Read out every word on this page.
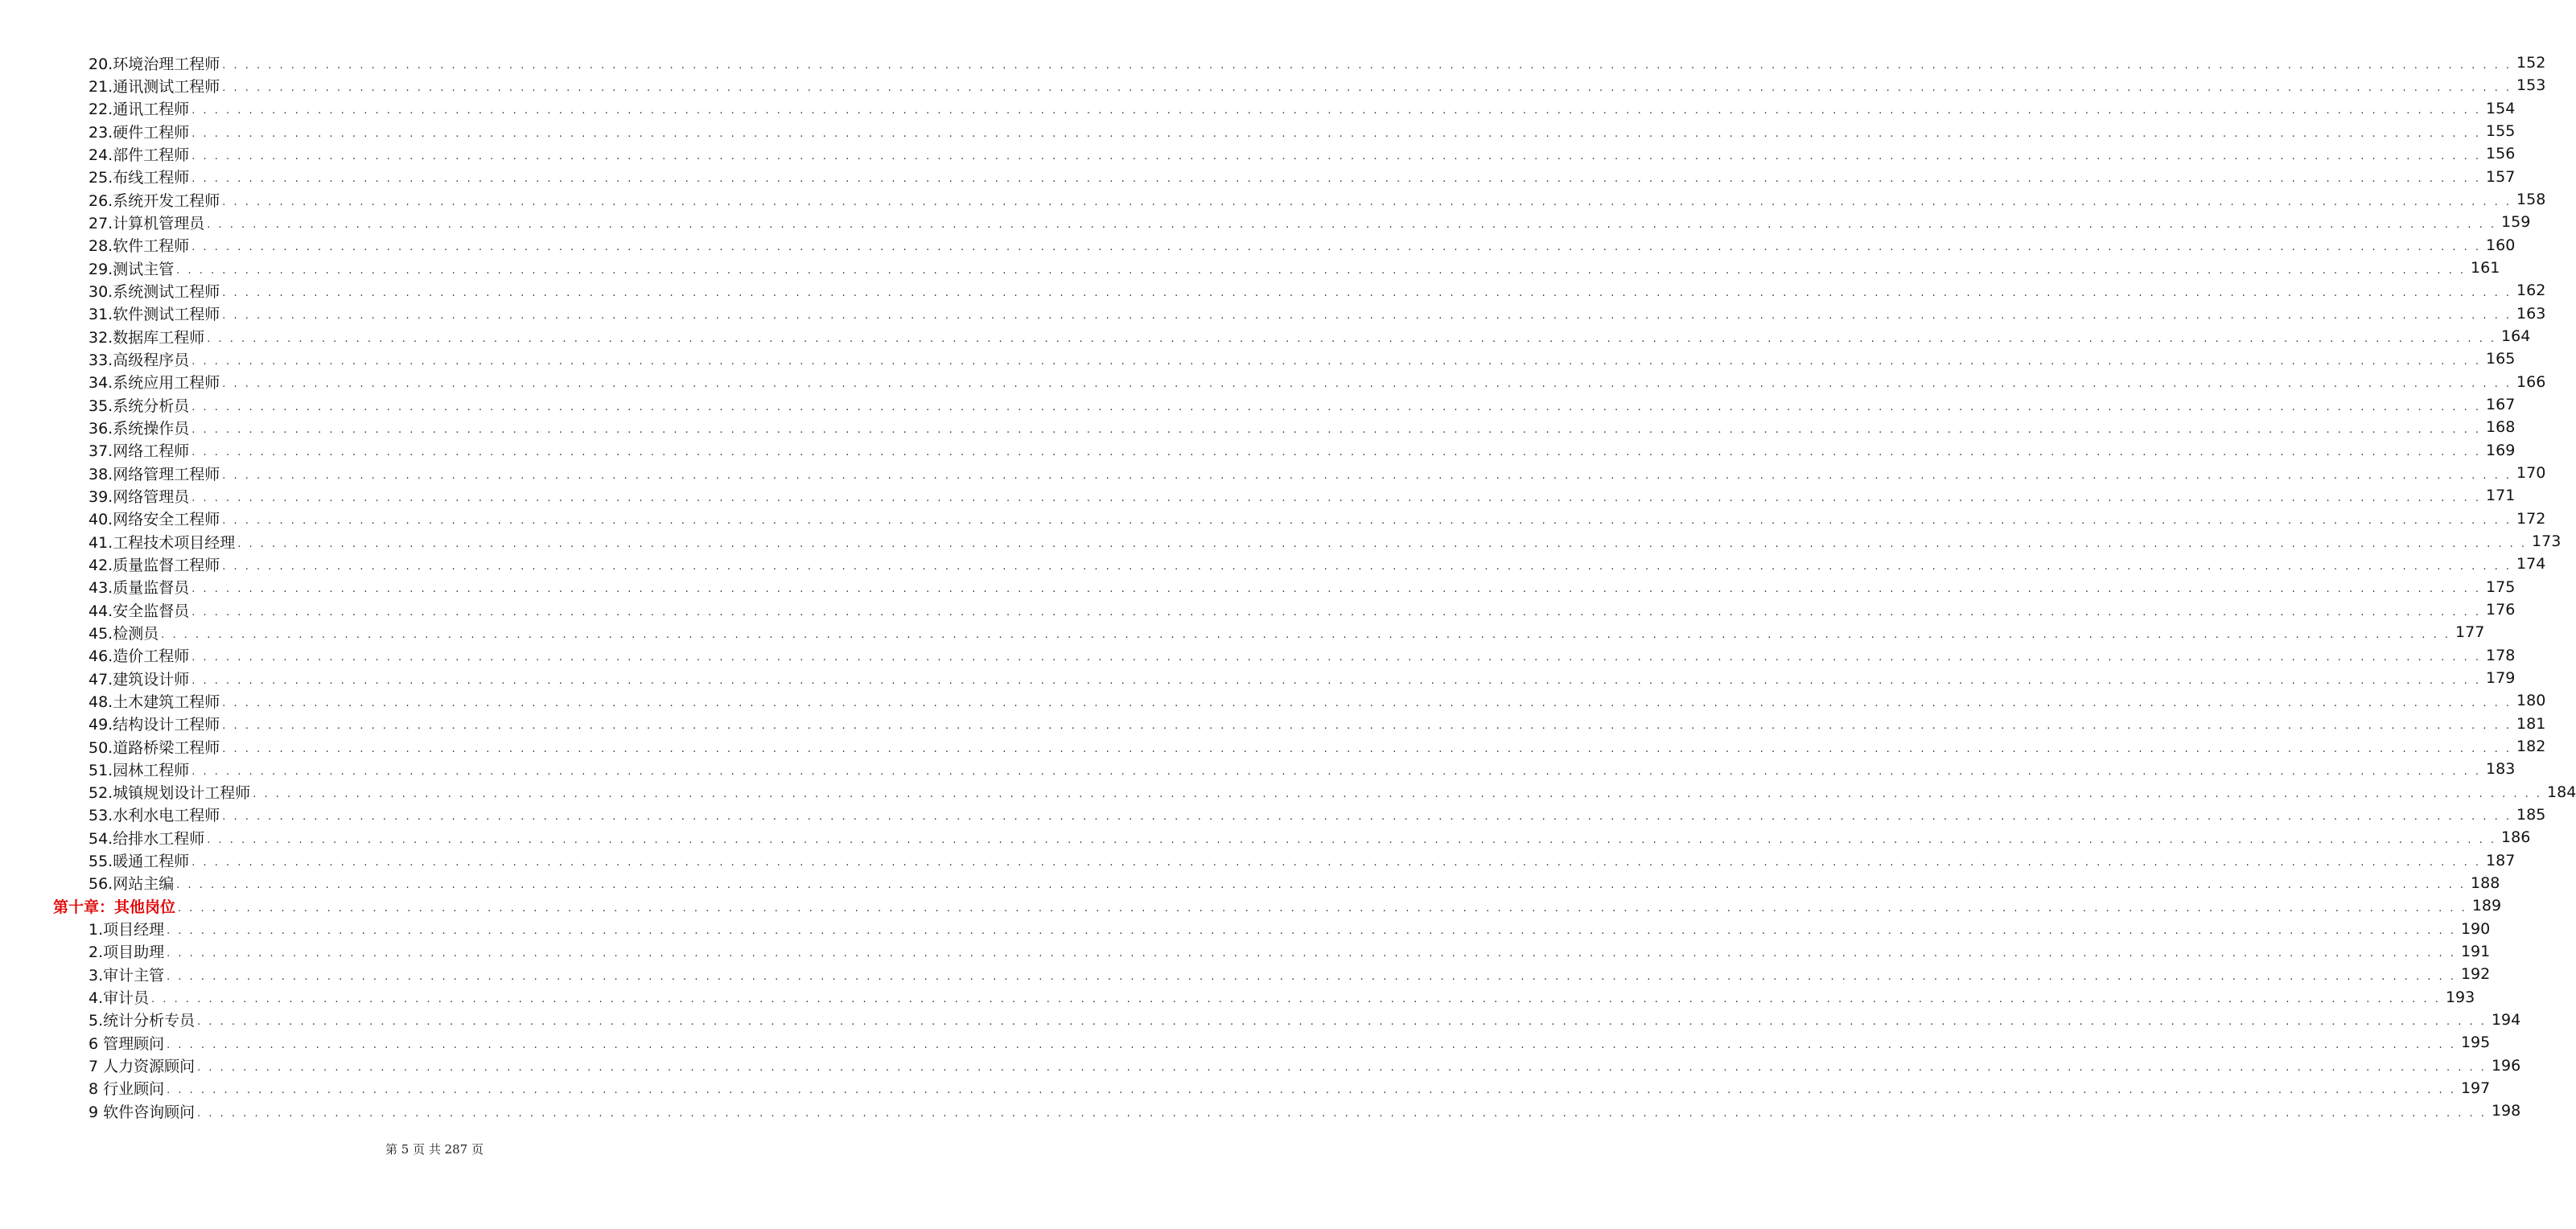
20.环境治理工程师 . . . . . . . . . . . . . . . . . . . . . . . . . . . . . . . . . . . . . . . . . . . . . . . . . . . . . . . . . . . . . . . . . . . . . . . . . . . . . . . . . . . . . . . . . . . . . . . . . . . . . . . . . . . . . . . . . . . . . . . . . . . . . . . . . . . . . . . . . . . . . . . . . . . . . . . . . . . . . . . . . . . . . . . . . . . . . . . . . . . . . . . . . . . . . . . . . . . . . . . . 152
21.通讯测试工程师 . . . . . . . . . . . . . . . . . . . . . . . . . . . . . . . . . . . . . . . . . . . . . . . . . . . . . . . . . . . . . . . . . . . . . . . . . . . . . . . . . . . . . . . . . . . . . . . . . . . . . . . . . . . . . . . . . . . . . . . . . . . . . . . . . . . . . . . . . . . . . . . . . . . . . . . . . . . . . . . . . . . . . . . . . . . . . . . . . . . . . . . . . . . . . . . . . . . . . . . . 153
22.通讯工程师 . . . . . . . . . . . . . . . . . . . . . . . . . . . . . . . . . . . . . . . . . . . . . . . . . . . . . . . . . . . . . . . . . . . . . . . . . . . . . . . . . . . . . . . . . . . . . . . . . . . . . . . . . . . . . . . . . . . . . . . . . . . . . . . . . . . . . . . . . . . . . . . . . . . . . . . . . . . . . . . . . . . . . . . . . . . . . . . . . . . . . . . . . . . . . . . . . . . . . . . . 154
23.硬件工程师 . . . . . . . . . . . . . . . . . . . . . . . . . . . . . . . . . . . . . . . . . . . . . . . . . . . . . . . . . . . . . . . . . . . . . . . . . . . . . . . . . . . . . . . . . . . . . . . . . . . . . . . . . . . . . . . . . . . . . . . . . . . . . . . . . . . . . . . . . . . . . . . . . . . . . . . . . . . . . . . . . . . . . . . . . . . . . . . . . . . . . . . . . . . . . . . . . . . . . . . . 155
24.部件工程师 . . . . . . . . . . . . . . . . . . . . . . . . . . . . . . . . . . . . . . . . . . . . . . . . . . . . . . . . . . . . . . . . . . . . . . . . . . . . . . . . . . . . . . . . . . . . . . . . . . . . . . . . . . . . . . . . . . . . . . . . . . . . . . . . . . . . . . . . . . . . . . . . . . . . . . . . . . . . . . . . . . . . . . . . . . . . . . . . . . . . . . . . . . . . . . . . . . . . . . . . 156
25.布线工程师 . . . . . . . . . . . . . . . . . . . . . . . . . . . . . . . . . . . . . . . . . . . . . . . . . . . . . . . . . . . . . . . . . . . . . . . . . . . . . . . . . . . . . . . . . . . . . . . . . . . . . . . . . . . . . . . . . . . . . . . . . . . . . . . . . . . . . . . . . . . . . . . . . . . . . . . . . . . . . . . . . . . . . . . . . . . . . . . . . . . . . . . . . . . . . . . . . . . . . . . . 157
26.系统开发工程师 . . . . . . . . . . . . . . . . . . . . . . . . . . . . . . . . . . . . . . . . . . . . . . . . . . . . . . . . . . . . . . . . . . . . . . . . . . . . . . . . . . . . . . . . . . . . . . . . . . . . . . . . . . . . . . . . . . . . . . . . . . . . . . . . . . . . . . . . . . . . . . . . . . . . . . . . . . . . . . . . . . . . . . . . . . . . . . . . . . . . . . . . . . . . . . . . . . . . . . . . 158
27.计算机管理员 . . . . . . . . . . . . . . . . . . . . . . . . . . . . . . . . . . . . . . . . . . . . . . . . . . . . . . . . . . . . . . . . . . . . . . . . . . . . . . . . . . . . . . . . . . . . . . . . . . . . . . . . . . . . . . . . . . . . . . . . . . . . . . . . . . . . . . . . . . . . . . . . . . . . . . . . . . . . . . . . . . . . . . . . . . . . . . . . . . . . . . . . . . . . . . . . . . . . . . . . 159
28.软件工程师 . . . . . . . . . . . . . . . . . . . . . . . . . . . . . . . . . . . . . . . . . . . . . . . . . . . . . . . . . . . . . . . . . . . . . . . . . . . . . . . . . . . . . . . . . . . . . . . . . . . . . . . . . . . . . . . . . . . . . . . . . . . . . . . . . . . . . . . . . . . . . . . . . . . . . . . . . . . . . . . . . . . . . . . . . . . . . . . . . . . . . . . . . . . . . . . . . . . . . . . . 160
29.测试主管 . . . . . . . . . . . . . . . . . . . . . . . . . . . . . . . . . . . . . . . . . . . . . . . . . . . . . . . . . . . . . . . . . . . . . . . . . . . . . . . . . . . . . . . . . . . . . . . . . . . . . . . . . . . . . . . . . . . . . . . . . . . . . . . . . . . . . . . . . . . . . . . . . . . . . . . . . . . . . . . . . . . . . . . . . . . . . . . . . . . . . . . . . . . . . . . . . . . . . . . . 161
30.系统测试工程师 . . . . . . . . . . . . . . . . . . . . . . . . . . . . . . . . . . . . . . . . . . . . . . . . . . . . . . . . . . . . . . . . . . . . . . . . . . . . . . . . . . . . . . . . . . . . . . . . . . . . . . . . . . . . . . . . . . . . . . . . . . . . . . . . . . . . . . . . . . . . . . . . . . . . . . . . . . . . . . . . . . . . . . . . . . . . . . . . . . . . . . . . . . . . . . . . . . . . . . . . 162
31.软件测试工程师 . . . . . . . . . . . . . . . . . . . . . . . . . . . . . . . . . . . . . . . . . . . . . . . . . . . . . . . . . . . . . . . . . . . . . . . . . . . . . . . . . . . . . . . . . . . . . . . . . . . . . . . . . . . . . . . . . . . . . . . . . . . . . . . . . . . . . . . . . . . . . . . . . . . . . . . . . . . . . . . . . . . . . . . . . . . . . . . . . . . . . . . . . . . . . . . . . . . . . . . . 163
32.数据库工程师 . . . . . . . . . . . . . . . . . . . . . . . . . . . . . . . . . . . . . . . . . . . . . . . . . . . . . . . . . . . . . . . . . . . . . . . . . . . . . . . . . . . . . . . . . . . . . . . . . . . . . . . . . . . . . . . . . . . . . . . . . . . . . . . . . . . . . . . . . . . . . . . . . . . . . . . . . . . . . . . . . . . . . . . . . . . . . . . . . . . . . . . . . . . . . . . . . . . . . . . . 164
33.高级程序员 . . . . . . . . . . . . . . . . . . . . . . . . . . . . . . . . . . . . . . . . . . . . . . . . . . . . . . . . . . . . . . . . . . . . . . . . . . . . . . . . . . . . . . . . . . . . . . . . . . . . . . . . . . . . . . . . . . . . . . . . . . . . . . . . . . . . . . . . . . . . . . . . . . . . . . . . . . . . . . . . . . . . . . . . . . . . . . . . . . . . . . . . . . . . . . . . . . . . . . . . 165
34.系统应用工程师 . . . . . . . . . . . . . . . . . . . . . . . . . . . . . . . . . . . . . . . . . . . . . . . . . . . . . . . . . . . . . . . . . . . . . . . . . . . . . . . . . . . . . . . . . . . . . . . . . . . . . . . . . . . . . . . . . . . . . . . . . . . . . . . . . . . . . . . . . . . . . . . . . . . . . . . . . . . . . . . . . . . . . . . . . . . . . . . . . . . . . . . . . . . . . . . . . . . . . . . . 166
35.系统分析员 . . . . . . . . . . . . . . . . . . . . . . . . . . . . . . . . . . . . . . . . . . . . . . . . . . . . . . . . . . . . . . . . . . . . . . . . . . . . . . . . . . . . . . . . . . . . . . . . . . . . . . . . . . . . . . . . . . . . . . . . . . . . . . . . . . . . . . . . . . . . . . . . . . . . . . . . . . . . . . . . . . . . . . . . . . . . . . . . . . . . . . . . . . . . . . . . . . . . . . . . 167
36.系统操作员 . . . . . . . . . . . . . . . . . . . . . . . . . . . . . . . . . . . . . . . . . . . . . . . . . . . . . . . . . . . . . . . . . . . . . . . . . . . . . . . . . . . . . . . . . . . . . . . . . . . . . . . . . . . . . . . . . . . . . . . . . . . . . . . . . . . . . . . . . . . . . . . . . . . . . . . . . . . . . . . . . . . . . . . . . . . . . . . . . . . . . . . . . . . . . . . . . . . . . . . . 168
37.网络工程师 . . . . . . . . . . . . . . . . . . . . . . . . . . . . . . . . . . . . . . . . . . . . . . . . . . . . . . . . . . . . . . . . . . . . . . . . . . . . . . . . . . . . . . . . . . . . . . . . . . . . . . . . . . . . . . . . . . . . . . . . . . . . . . . . . . . . . . . . . . . . . . . . . . . . . . . . . . . . . . . . . . . . . . . . . . . . . . . . . . . . . . . . . . . . . . . . . . . . . . . . 169
38.网络管理工程师 . . . . . . . . . . . . . . . . . . . . . . . . . . . . . . . . . . . . . . . . . . . . . . . . . . . . . . . . . . . . . . . . . . . . . . . . . . . . . . . . . . . . . . . . . . . . . . . . . . . . . . . . . . . . . . . . . . . . . . . . . . . . . . . . . . . . . . . . . . . . . . . . . . . . . . . . . . . . . . . . . . . . . . . . . . . . . . . . . . . . . . . . . . . . . . . . . . . . . . . . 170
39.网络管理员 . . . . . . . . . . . . . . . . . . . . . . . . . . . . . . . . . . . . . . . . . . . . . . . . . . . . . . . . . . . . . . . . . . . . . . . . . . . . . . . . . . . . . . . . . . . . . . . . . . . . . . . . . . . . . . . . . . . . . . . . . . . . . . . . . . . . . . . . . . . . . . . . . . . . . . . . . . . . . . . . . . . . . . . . . . . . . . . . . . . . . . . . . . . . . . . . . . . . . . . . 171
40.网络安全工程师 . . . . . . . . . . . . . . . . . . . . . . . . . . . . . . . . . . . . . . . . . . . . . . . . . . . . . . . . . . . . . . . . . . . . . . . . . . . . . . . . . . . . . . . . . . . . . . . . . . . . . . . . . . . . . . . . . . . . . . . . . . . . . . . . . . . . . . . . . . . . . . . . . . . . . . . . . . . . . . . . . . . . . . . . . . . . . . . . . . . . . . . . . . . . . . . . . . . . . . . . 172
41.工程技术项目经理 . . . . . . . . . . . . . . . . . . . . . . . . . . . . . . . . . . . . . . . . . . . . . . . . . . . . . . . . . . . . . . . . . . . . . . . . . . . . . . . . . . . . . . . . . . . . . . . . . . . . . . . . . . . . . . . . . . . . . . . . . . . . . . . . . . . . . . . . . . . . . . . . . . . . . . . . . . . . . . . . . . . . . . . . . . . . . . . . . . . . . . . . . . . . . . . . . . . . . . . . 173
42.质量监督工程师 . . . . . . . . . . . . . . . . . . . . . . . . . . . . . . . . . . . . . . . . . . . . . . . . . . . . . . . . . . . . . . . . . . . . . . . . . . . . . . . . . . . . . . . . . . . . . . . . . . . . . . . . . . . . . . . . . . . . . . . . . . . . . . . . . . . . . . . . . . . . . . . . . . . . . . . . . . . . . . . . . . . . . . . . . . . . . . . . . . . . . . . . . . . . . . . . . . . . . . . . 174
43.质量监督员 . . . . . . . . . . . . . . . . . . . . . . . . . . . . . . . . . . . . . . . . . . . . . . . . . . . . . . . . . . . . . . . . . . . . . . . . . . . . . . . . . . . . . . . . . . . . . . . . . . . . . . . . . . . . . . . . . . . . . . . . . . . . . . . . . . . . . . . . . . . . . . . . . . . . . . . . . . . . . . . . . . . . . . . . . . . . . . . . . . . . . . . . . . . . . . . . . . . . . . . . 175
44.安全监督员 . . . . . . . . . . . . . . . . . . . . . . . . . . . . . . . . . . . . . . . . . . . . . . . . . . . . . . . . . . . . . . . . . . . . . . . . . . . . . . . . . . . . . . . . . . . . . . . . . . . . . . . . . . . . . . . . . . . . . . . . . . . . . . . . . . . . . . . . . . . . . . . . . . . . . . . . . . . . . . . . . . . . . . . . . . . . . . . . . . . . . . . . . . . . . . . . . . . . . . . . 176
45.检测员 . . . . . . . . . . . . . . . . . . . . . . . . . . . . . . . . . . . . . . . . . . . . . . . . . . . . . . . . . . . . . . . . . . . . . . . . . . . . . . . . . . . . . . . . . . . . . . . . . . . . . . . . . . . . . . . . . . . . . . . . . . . . . . . . . . . . . . . . . . . . . . . . . . . . . . . . . . . . . . . . . . . . . . . . . . . . . . . . . . . . . . . . . . . . . . . . . . . . . . . . 177
46.造价工程师 . . . . . . . . . . . . . . . . . . . . . . . . . . . . . . . . . . . . . . . . . . . . . . . . . . . . . . . . . . . . . . . . . . . . . . . . . . . . . . . . . . . . . . . . . . . . . . . . . . . . . . . . . . . . . . . . . . . . . . . . . . . . . . . . . . . . . . . . . . . . . . . . . . . . . . . . . . . . . . . . . . . . . . . . . . . . . . . . . . . . . . . . . . . . . . . . . . . . . . . . 178
47.建筑设计师 . . . . . . . . . . . . . . . . . . . . . . . . . . . . . . . . . . . . . . . . . . . . . . . . . . . . . . . . . . . . . . . . . . . . . . . . . . . . . . . . . . . . . . . . . . . . . . . . . . . . . . . . . . . . . . . . . . . . . . . . . . . . . . . . . . . . . . . . . . . . . . . . . . . . . . . . . . . . . . . . . . . . . . . . . . . . . . . . . . . . . . . . . . . . . . . . . . . . . . . . 179
48.土木建筑工程师 . . . . . . . . . . . . . . . . . . . . . . . . . . . . . . . . . . . . . . . . . . . . . . . . . . . . . . . . . . . . . . . . . . . . . . . . . . . . . . . . . . . . . . . . . . . . . . . . . . . . . . . . . . . . . . . . . . . . . . . . . . . . . . . . . . . . . . . . . . . . . . . . . . . . . . . . . . . . . . . . . . . . . . . . . . . . . . . . . . . . . . . . . . . . . . . . . . . . . . . . 180
49.结构设计工程师 . . . . . . . . . . . . . . . . . . . . . . . . . . . . . . . . . . . . . . . . . . . . . . . . . . . . . . . . . . . . . . . . . . . . . . . . . . . . . . . . . . . . . . . . . . . . . . . . . . . . . . . . . . . . . . . . . . . . . . . . . . . . . . . . . . . . . . . . . . . . . . . . . . . . . . . . . . . . . . . . . . . . . . . . . . . . . . . . . . . . . . . . . . . . . . . . . . . . . . . . 181
50.道路桥梁工程师 . . . . . . . . . . . . . . . . . . . . . . . . . . . . . . . . . . . . . . . . . . . . . . . . . . . . . . . . . . . . . . . . . . . . . . . . . . . . . . . . . . . . . . . . . . . . . . . . . . . . . . . . . . . . . . . . . . . . . . . . . . . . . . . . . . . . . . . . . . . . . . . . . . . . . . . . . . . . . . . . . . . . . . . . . . . . . . . . . . . . . . . . . . . . . . . . . . . . . . . . 182
51.园林工程师 . . . . . . . . . . . . . . . . . . . . . . . . . . . . . . . . . . . . . . . . . . . . . . . . . . . . . . . . . . . . . . . . . . . . . . . . . . . . . . . . . . . . . . . . . . . . . . . . . . . . . . . . . . . . . . . . . . . . . . . . . . . . . . . . . . . . . . . . . . . . . . . . . . . . . . . . . . . . . . . . . . . . . . . . . . . . . . . . . . . . . . . . . . . . . . . . . . . . . . . . 183
52.城镇规划设计工程师 . . . . . . . . . . . . . . . . . . . . . . . . . . . . . . . . . . . . . . . . . . . . . . . . . . . . . . . . . . . . . . . . . . . . . . . . . . . . . . . . . . . . . . . . . . . . . . . . . . . . . . . . . . . . . . . . . . . . . . . . . . . . . . . . . . . . . . . . . . . . . . . . . . . . . . . . . . . . . . . . . . . . . . . . . . . . . . . . . . . . . . . . . . . . . . . . . . . . . . . . 184
53.水利水电工程师 . . . . . . . . . . . . . . . . . . . . . . . . . . . . . . . . . . . . . . . . . . . . . . . . . . . . . . . . . . . . . . . . . . . . . . . . . . . . . . . . . . . . . . . . . . . . . . . . . . . . . . . . . . . . . . . . . . . . . . . . . . . . . . . . . . . . . . . . . . . . . . . . . . . . . . . . . . . . . . . . . . . . . . . . . . . . . . . . . . . . . . . . . . . . . . . . . . . . . . . . 185
54.给排水工程师 . . . . . . . . . . . . . . . . . . . . . . . . . . . . . . . . . . . . . . . . . . . . . . . . . . . . . . . . . . . . . . . . . . . . . . . . . . . . . . . . . . . . . . . . . . . . . . . . . . . . . . . . . . . . . . . . . . . . . . . . . . . . . . . . . . . . . . . . . . . . . . . . . . . . . . . . . . . . . . . . . . . . . . . . . . . . . . . . . . . . . . . . . . . . . . . . . . . . . . . . 186
55.暖通工程师 . . . . . . . . . . . . . . . . . . . . . . . . . . . . . . . . . . . . . . . . . . . . . . . . . . . . . . . . . . . . . . . . . . . . . . . . . . . . . . . . . . . . . . . . . . . . . . . . . . . . . . . . . . . . . . . . . . . . . . . . . . . . . . . . . . . . . . . . . . . . . . . . . . . . . . . . . . . . . . . . . . . . . . . . . . . . . . . . . . . . . . . . . . . . . . . . . . . . . . . . 187
56.网站主编 . . . . . . . . . . . . . . . . . . . . . . . . . . . . . . . . . . . . . . . . . . . . . . . . . . . . . . . . . . . . . . . . . . . . . . . . . . . . . . . . . . . . . . . . . . . . . . . . . . . . . . . . . . . . . . . . . . . . . . . . . . . . . . . . . . . . . . . . . . . . . . . . . . . . . . . . . . . . . . . . . . . . . . . . . . . . . . . . . . . . . . . . . . . . . . . . . . . . . . . . 188
第十章：其他岗位 . . . . . . . . . . . . . . . . . . . . . . . . . . . . . . . . . . . . . . . . . . . . . . . . . . . . . . . . . . . . . . . . . . . . . . . . . . . . . . . . . . . . . . . . . . . . . . . . . . . . . . . . . . . . . . . . . . . . . . . . . . . . . . . . . . . . . . . . . . . . . . . . . . . . . . . . . . . . . . . . . . . . . . . . . . . . . . . . . . . . . . . . . . . . . . . . . . . . . . . . 189
1.项目经理 . . . . . . . . . . . . . . . . . . . . . . . . . . . . . . . . . . . . . . . . . . . . . . . . . . . . . . . . . . . . . . . . . . . . . . . . . . . . . . . . . . . . . . . . . . . . . . . . . . . . . . . . . . . . . . . . . . . . . . . . . . . . . . . . . . . . . . . . . . . . . . . . . . . . . . . . . . . . . . . . . . . . . . . . . . . . . . . . . . . . . . . . . . . . . . . . . . . . . . . . 190
2.项目助理 . . . . . . . . . . . . . . . . . . . . . . . . . . . . . . . . . . . . . . . . . . . . . . . . . . . . . . . . . . . . . . . . . . . . . . . . . . . . . . . . . . . . . . . . . . . . . . . . . . . . . . . . . . . . . . . . . . . . . . . . . . . . . . . . . . . . . . . . . . . . . . . . . . . . . . . . . . . . . . . . . . . . . . . . . . . . . . . . . . . . . . . . . . . . . . . . . . . . . . . . 191
3.审计主管 . . . . . . . . . . . . . . . . . . . . . . . . . . . . . . . . . . . . . . . . . . . . . . . . . . . . . . . . . . . . . . . . . . . . . . . . . . . . . . . . . . . . . . . . . . . . . . . . . . . . . . . . . . . . . . . . . . . . . . . . . . . . . . . . . . . . . . . . . . . . . . . . . . . . . . . . . . . . . . . . . . . . . . . . . . . . . . . . . . . . . . . . . . . . . . . . . . . . . . . . 192
4.审计员 . . . . . . . . . . . . . . . . . . . . . . . . . . . . . . . . . . . . . . . . . . . . . . . . . . . . . . . . . . . . . . . . . . . . . . . . . . . . . . . . . . . . . . . . . . . . . . . . . . . . . . . . . . . . . . . . . . . . . . . . . . . . . . . . . . . . . . . . . . . . . . . . . . . . . . . . . . . . . . . . . . . . . . . . . . . . . . . . . . . . . . . . . . . . . . . . . . . . . . . . 193
5.统计分析专员 . . . . . . . . . . . . . . . . . . . . . . . . . . . . . . . . . . . . . . . . . . . . . . . . . . . . . . . . . . . . . . . . . . . . . . . . . . . . . . . . . . . . . . . . . . . . . . . . . . . . . . . . . . . . . . . . . . . . . . . . . . . . . . . . . . . . . . . . . . . . . . . . . . . . . . . . . . . . . . . . . . . . . . . . . . . . . . . . . . . . . . . . . . . . . . . . . . . . . . . . 194
6 管理顾问 . . . . . . . . . . . . . . . . . . . . . . . . . . . . . . . . . . . . . . . . . . . . . . . . . . . . . . . . . . . . . . . . . . . . . . . . . . . . . . . . . . . . . . . . . . . . . . . . . . . . . . . . . . . . . . . . . . . . . . . . . . . . . . . . . . . . . . . . . . . . . . . . . . . . . . . . . . . . . . . . . . . . . . . . . . . . . . . . . . . . . . . . . . . . . . . . . . . . . . . . 195
7 人力资源顾问 . . . . . . . . . . . . . . . . . . . . . . . . . . . . . . . . . . . . . . . . . . . . . . . . . . . . . . . . . . . . . . . . . . . . . . . . . . . . . . . . . . . . . . . . . . . . . . . . . . . . . . . . . . . . . . . . . . . . . . . . . . . . . . . . . . . . . . . . . . . . . . . . . . . . . . . . . . . . . . . . . . . . . . . . . . . . . . . . . . . . . . . . . . . . . . . . . . . . . . . . 196
8 行业顾问 . . . . . . . . . . . . . . . . . . . . . . . . . . . . . . . . . . . . . . . . . . . . . . . . . . . . . . . . . . . . . . . . . . . . . . . . . . . . . . . . . . . . . . . . . . . . . . . . . . . . . . . . . . . . . . . . . . . . . . . . . . . . . . . . . . . . . . . . . . . . . . . . . . . . . . . . . . . . . . . . . . . . . . . . . . . . . . . . . . . . . . . . . . . . . . . . . . . . . . . . 197
9 软件咨询顾问 . . . . . . . . . . . . . . . . . . . . . . . . . . . . . . . . . . . . . . . . . . . . . . . . . . . . . . . . . . . . . . . . . . . . . . . . . . . . . . . . . . . . . . . . . . . . . . . . . . . . . . . . . . . . . . . . . . . . . . . . . . . . . . . . . . . . . . . . . . . . . . . . . . . . . . . . . . . . . . . . . . . . . . . . . . . . . . . . . . . . . . . . . . . . . . . . . . . . . . . . 198
第 5 页 共 287 页
